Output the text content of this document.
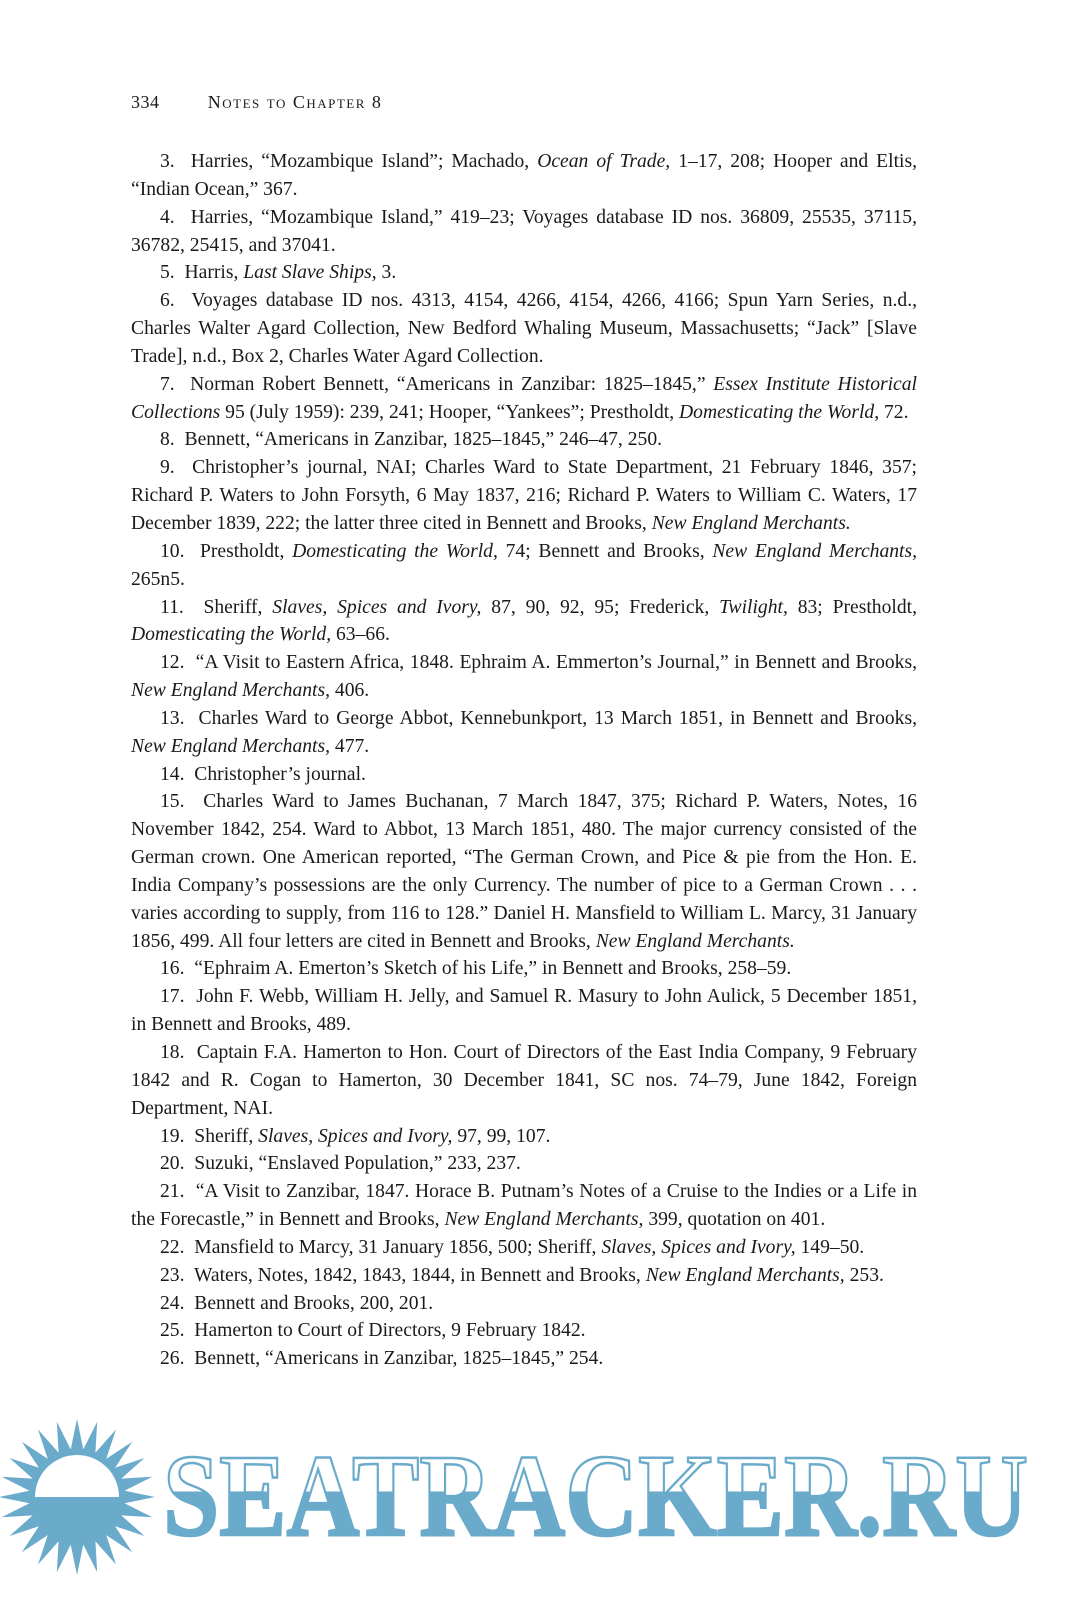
334	Notes to Chapter 8

3. Harries, “Mozambique Island”; Machado, Ocean of Trade, 1–17, 208; Hooper and Eltis, “Indian Ocean,” 367.

4. Harries, “Mozambique Island,” 419–23; Voyages database ID nos. 36809, 25535, 37115, 36782, 25415, and 37041.

5. Harris, Last Slave Ships, 3.

6. Voyages database ID nos. 4313, 4154, 4266, 4154, 4266, 4166; Spun Yarn Series, n.d., Charles Walter Agard Collection, New Bedford Whaling Museum, Massachusetts; “Jack” [Slave Trade], n.d., Box 2, Charles Water Agard Collection.

7. Norman Robert Bennett, “Americans in Zanzibar: 1825–1845,” Essex Institute Historical Collections 95 (July 1959): 239, 241; Hooper, “Yankees”; Prestholdt, Domesticating the World, 72.

8. Bennett, “Americans in Zanzibar, 1825–1845,” 246–47, 250.

9. Christopher’s journal, NAI; Charles Ward to State Department, 21 February 1846, 357; Richard P. Waters to John Forsyth, 6 May 1837, 216; Richard P. Waters to William C. Waters, 17 December 1839, 222; the latter three cited in Bennett and Brooks, New England Merchants.

10. Prestholdt, Domesticating the World, 74; Bennett and Brooks, New England Merchants, 265n5.

11. Sheriff, Slaves, Spices and Ivory, 87, 90, 92, 95; Frederick, Twilight, 83; Prestholdt, Domesticating the World, 63–66.

12. “A Visit to Eastern Africa, 1848. Ephraim A. Emmerton’s Journal,” in Bennett and Brooks, New England Merchants, 406.

13. Charles Ward to George Abbot, Kennebunkport, 13 March 1851, in Bennett and Brooks, New England Merchants, 477.

14. Christopher’s journal.

15. Charles Ward to James Buchanan, 7 March 1847, 375; Richard P. Waters, Notes, 16 November 1842, 254. Ward to Abbot, 13 March 1851, 480. The major currency consisted of the German crown. One American reported, “The German Crown, and Pice & pie from the Hon. E. India Company’s possessions are the only Currency. The number of pice to a German Crown . . . varies according to supply, from 116 to 128.” Daniel H. Mansfield to William L. Marcy, 31 January 1856, 499. All four letters are cited in Bennett and Brooks, New England Merchants.

16. “Ephraim A. Emerton’s Sketch of his Life,” in Bennett and Brooks, 258–59.

17. John F. Webb, William H. Jelly, and Samuel R. Masury to John Aulick, 5 December 1851, in Bennett and Brooks, 489.

18. Captain F.A. Hamerton to Hon. Court of Directors of the East India Company, 9 February 1842 and R. Cogan to Hamerton, 30 December 1841, SC nos. 74–79, June 1842, Foreign Department, NAI.

19. Sheriff, Slaves, Spices and Ivory, 97, 99, 107.

20. Suzuki, “Enslaved Population,” 233, 237.

21. “A Visit to Zanzibar, 1847. Horace B. Putnam’s Notes of a Cruise to the Indies or a Life in the Forecastle,” in Bennett and Brooks, New England Merchants, 399, quotation on 401.

22. Mansfield to Marcy, 31 January 1856, 500; Sheriff, Slaves, Spices and Ivory, 149–50.

23. Waters, Notes, 1842, 1843, 1844, in Bennett and Brooks, New England Merchants, 253.

24. Bennett and Brooks, 200, 201.

25. Hamerton to Court of Directors, 9 February 1842.

26. Bennett, “Americans in Zanzibar, 1825–1845,” 254.

SEATRACKER.RU
